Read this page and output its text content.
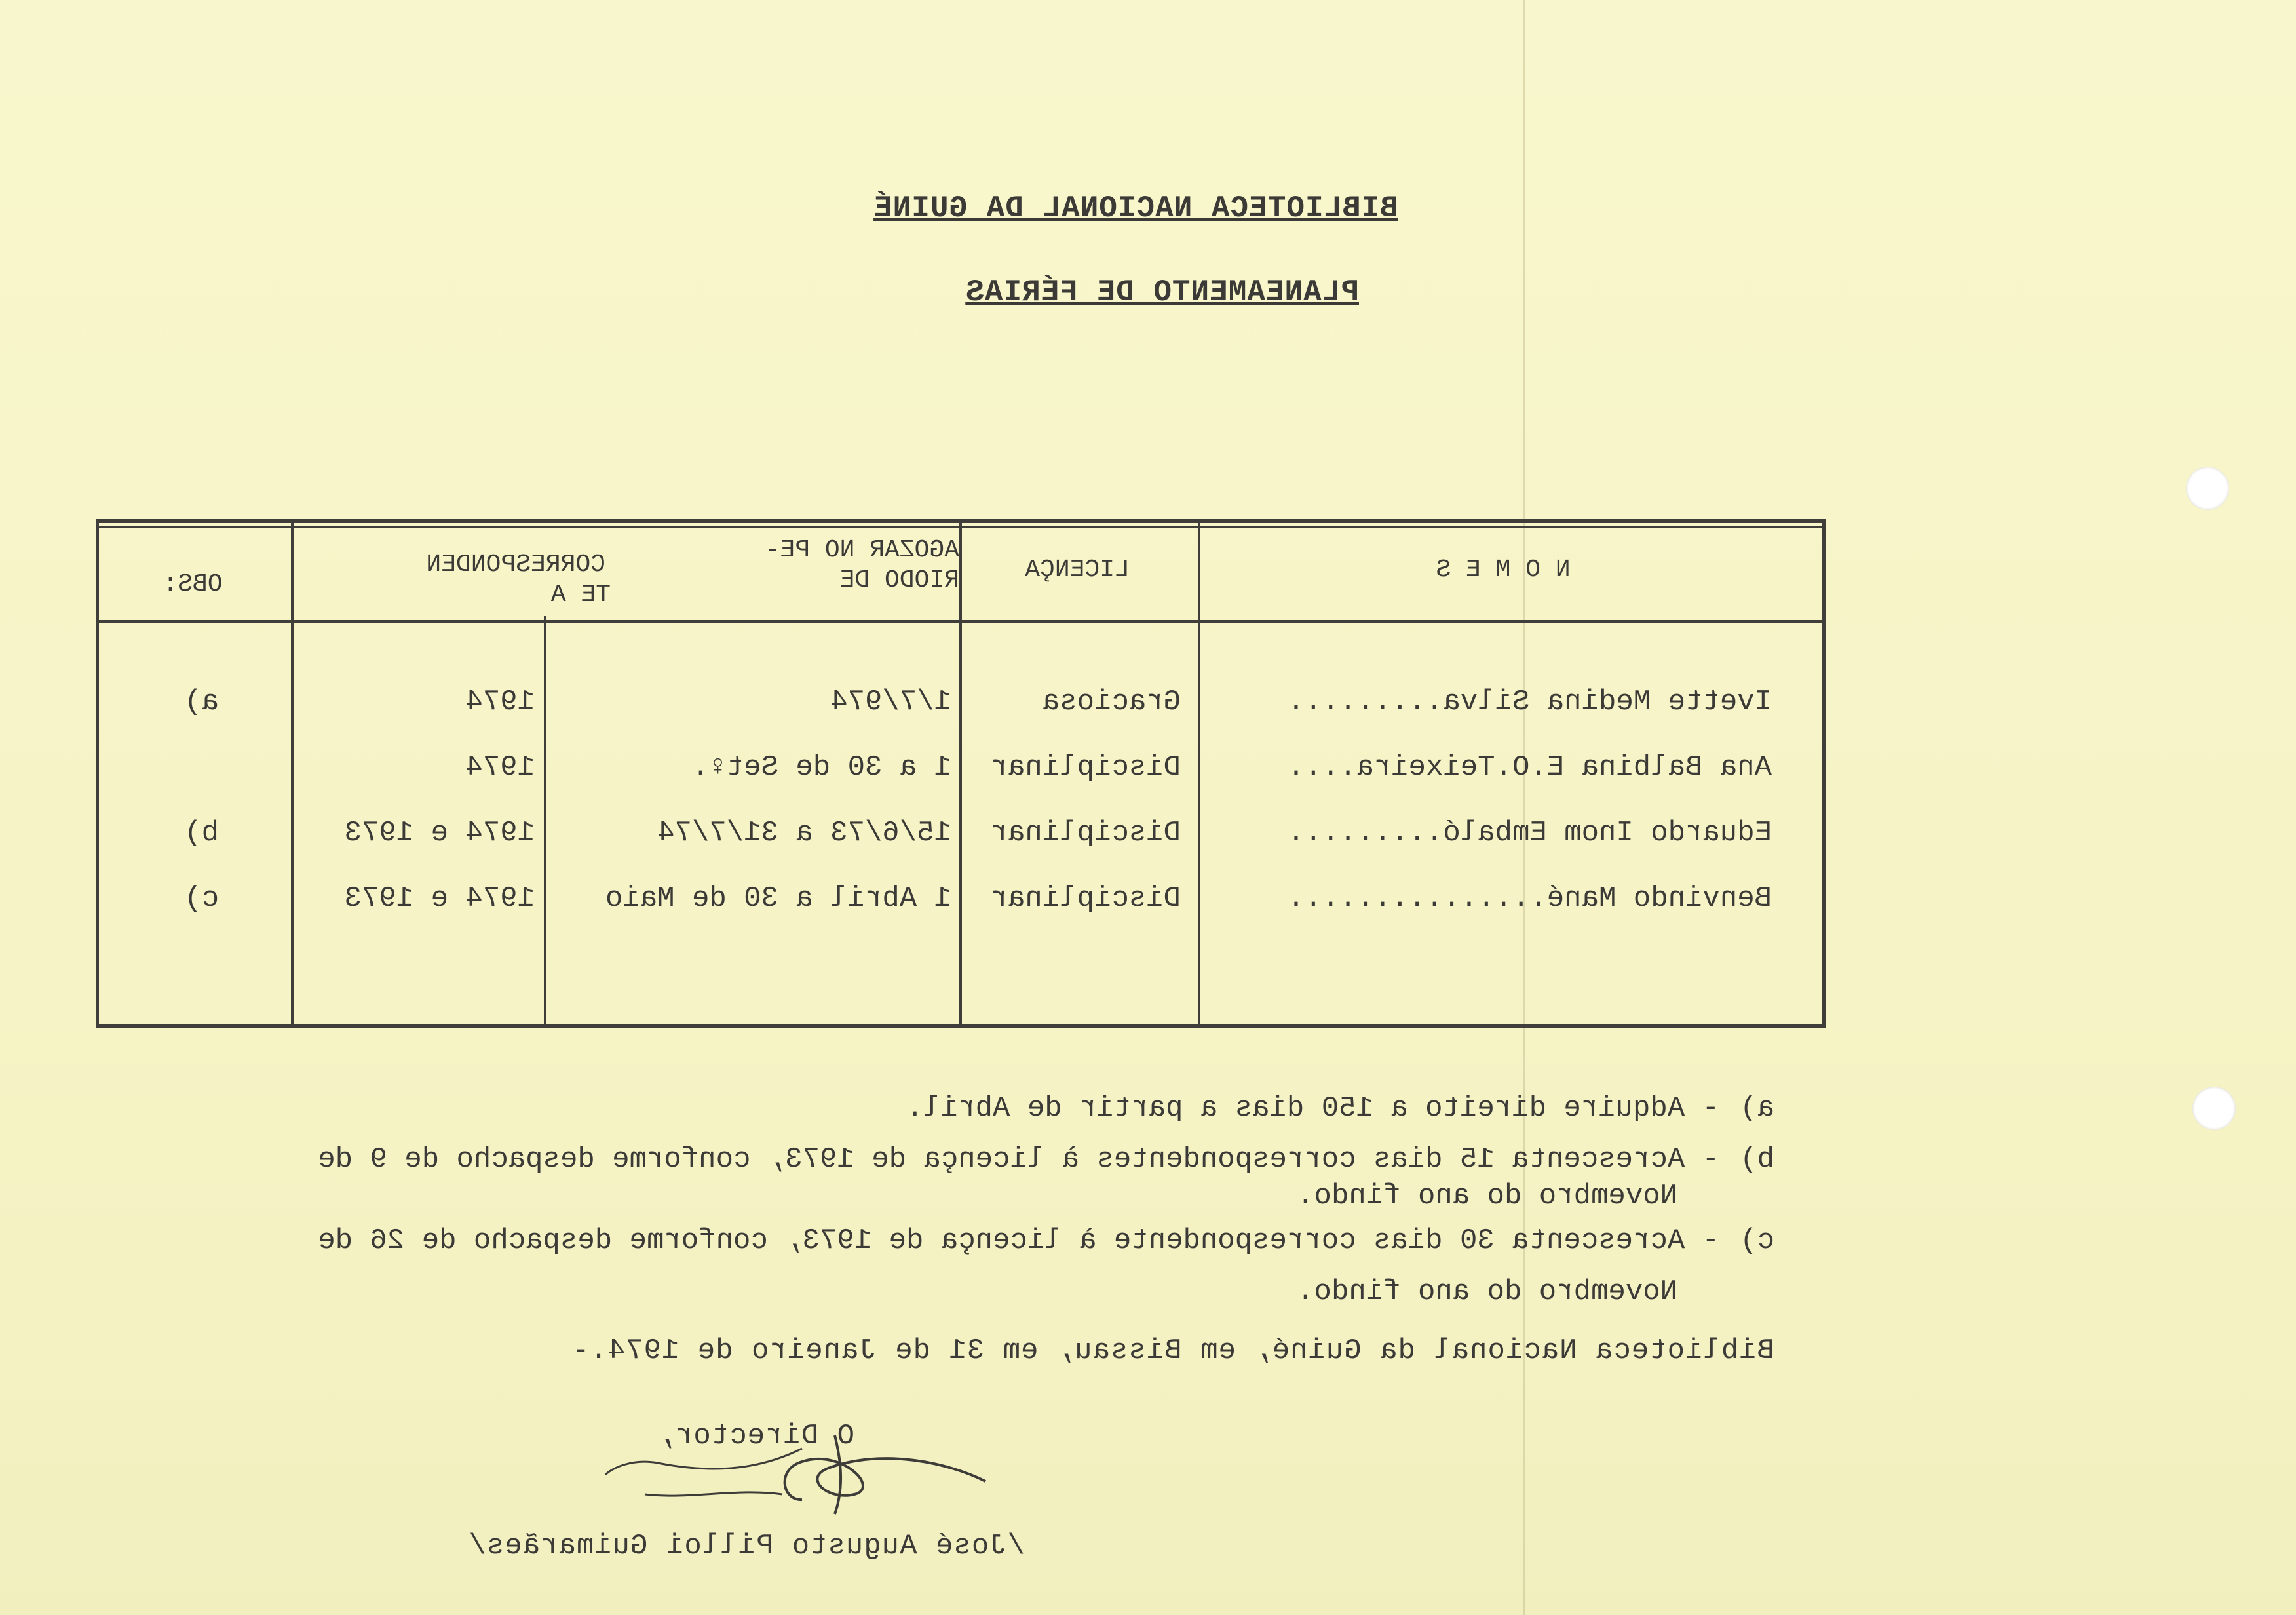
BIBLIOTECA NACIONAL DA GUINÉ
PLANEAMENTO DE FÉRIAS
N O M E S
LICENÇA
AGOZAR NO PE-
RIODO DE
CORRESPONDEN
TE A
OBS:
Ivette Medina Silva.........
Graciosa
1/7/974
1974
a)
Ana Balbina E.O.Teixeira....
Disciplinar
1 a 30 de Set♀.
1974
Eduardo Inom Embaló.........
Disciplinar
15/6/73 a 31/7/74
1974 e 1973
b)
Benvindo Mané...............
Disciplinar
1 Abril a 30 de Maio
1974 e 1973
c)
a)
- Adquire direito a 150 dias a partir de Abril.
b)
- Acrescenta 15 dias correspondentes à licença de 1973, conforme despacho de 9 de
Novembro do ano findo.
c)
- Acrescenta 30 dias correspondente à licença de 1973, conforme despacho de 26 de
Novembro do ano findo.
Biblioteca Nacional da Guiné, em Bissau, em 31 de Janeiro de 1974.-
O Director,
/José Augusto Pilloi Guimarães/
